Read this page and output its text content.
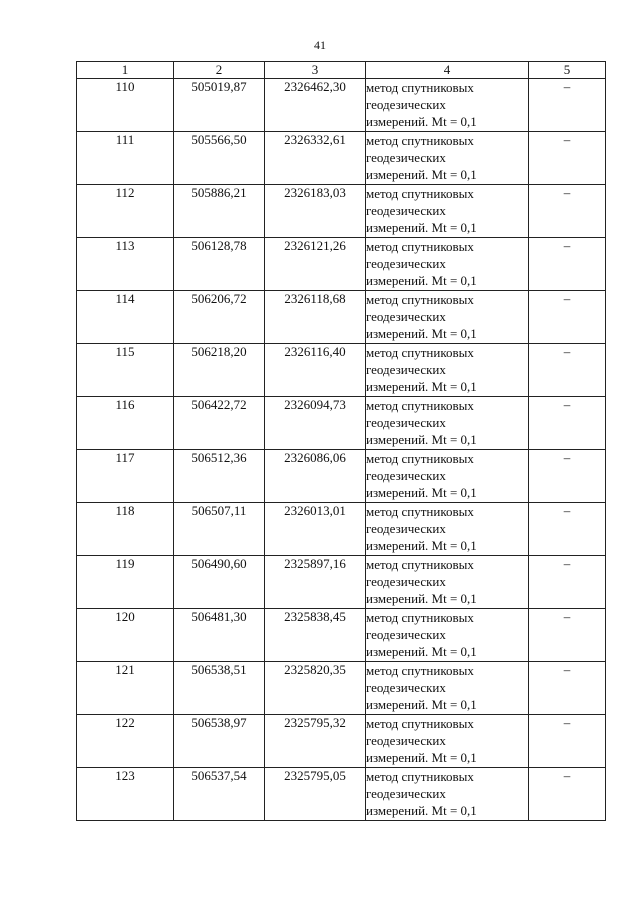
41
1	2	3	4	5
110	505019,87	2326462,30	метод спутниковых
геодезических
измерений. Mt = 0,1	–
111	505566,50	2326332,61	метод спутниковых
геодезических
измерений. Mt = 0,1	–
112	505886,21	2326183,03	метод спутниковых
геодезических
измерений. Mt = 0,1	–
113	506128,78	2326121,26	метод спутниковых
геодезических
измерений. Mt = 0,1	–
114	506206,72	2326118,68	метод спутниковых
геодезических
измерений. Mt = 0,1	–
115	506218,20	2326116,40	метод спутниковых
геодезических
измерений. Mt = 0,1	–
116	506422,72	2326094,73	метод спутниковых
геодезических
измерений. Mt = 0,1	–
117	506512,36	2326086,06	метод спутниковых
геодезических
измерений. Mt = 0,1	–
118	506507,11	2326013,01	метод спутниковых
геодезических
измерений. Mt = 0,1	–
119	506490,60	2325897,16	метод спутниковых
геодезических
измерений. Mt = 0,1	–
120	506481,30	2325838,45	метод спутниковых
геодезических
измерений. Mt = 0,1	–
121	506538,51	2325820,35	метод спутниковых
геодезических
измерений. Mt = 0,1	–
122	506538,97	2325795,32	метод спутниковых
геодезических
измерений. Mt = 0,1	–
123	506537,54	2325795,05	метод спутниковых
геодезических
измерений. Mt = 0,1	–
